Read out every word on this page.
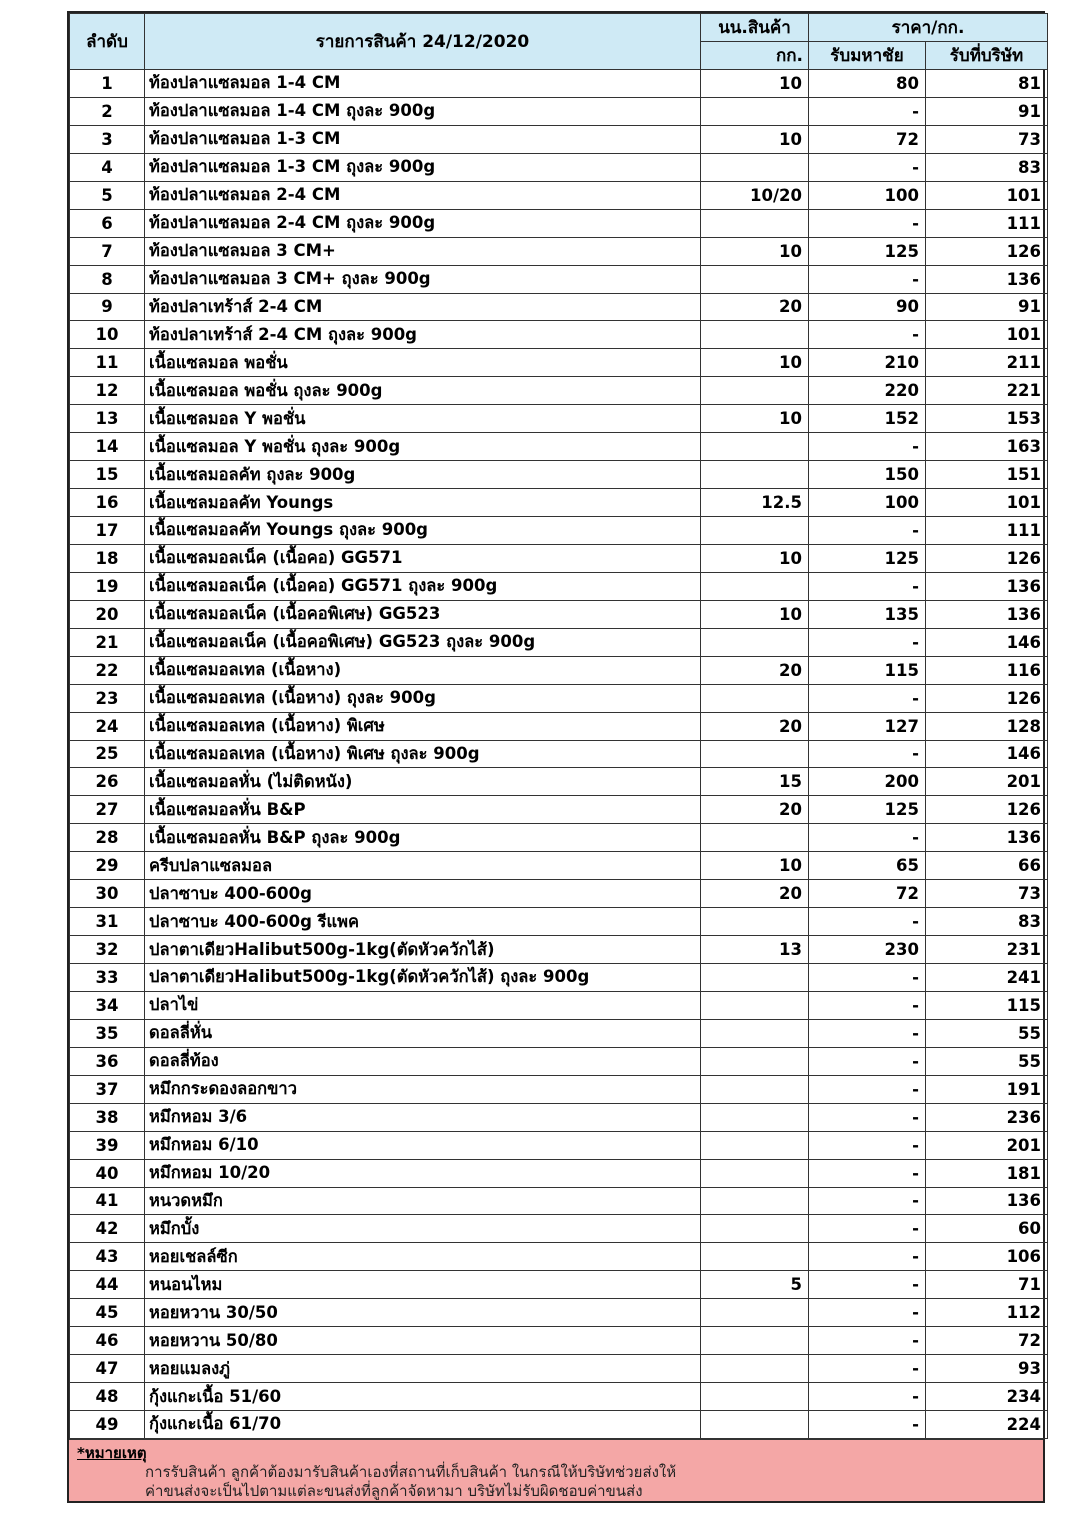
ลำดับ	รายการสินค้า 24/12/2020	นน.สินค้า	ราคา/กก.	
		กก.	รับมหาชัย	รับที่บริษัท
1	ท้องปลาแซลมอล 1-4 CM	10	80	81
2	ท้องปลาแซลมอล 1-4 CM ถุงละ 900g		-	91
3	ท้องปลาแซลมอล 1-3 CM	10	72	73
4	ท้องปลาแซลมอล 1-3 CM ถุงละ 900g		-	83
5	ท้องปลาแซลมอล 2-4 CM	10/20	100	101
6	ท้องปลาแซลมอล 2-4 CM ถุงละ 900g		-	111
7	ท้องปลาแซลมอล 3 CM+	10	125	126
8	ท้องปลาแซลมอล 3 CM+ ถุงละ 900g		-	136
9	ท้องปลาเทร้าส์ 2-4 CM	20	90	91
10	ท้องปลาเทร้าส์ 2-4 CM ถุงละ 900g		-	101
11	เนื้อแซลมอล พอชั่น	10	210	211
12	เนื้อแซลมอล พอชั่น ถุงละ 900g		220	221
13	เนื้อแซลมอล Y พอชั่น	10	152	153
14	เนื้อแซลมอล Y พอชั่น ถุงละ 900g		-	163
15	เนื้อแซลมอลคัท ถุงละ 900g		150	151
16	เนื้อแซลมอลคัท Youngs	12.5	100	101
17	เนื้อแซลมอลคัท Youngs ถุงละ 900g		-	111
18	เนื้อแซลมอลเน็ค (เนื้อคอ) GG571	10	125	126
19	เนื้อแซลมอลเน็ค (เนื้อคอ) GG571 ถุงละ 900g		-	136
20	เนื้อแซลมอลเน็ค (เนื้อคอพิเศษ) GG523	10	135	136
21	เนื้อแซลมอลเน็ค (เนื้อคอพิเศษ) GG523 ถุงละ 900g		-	146
22	เนื้อแซลมอลเทล (เนื้อหาง)	20	115	116
23	เนื้อแซลมอลเทล (เนื้อหาง) ถุงละ 900g		-	126
24	เนื้อแซลมอลเทล (เนื้อหาง) พิเศษ	20	127	128
25	เนื้อแซลมอลเทล (เนื้อหาง) พิเศษ ถุงละ 900g		-	146
26	เนื้อแซลมอลหั่น (ไม่ติดหนัง)	15	200	201
27	เนื้อแซลมอลหั่น B&P	20	125	126
28	เนื้อแซลมอลหั่น B&P ถุงละ 900g		-	136
29	ครีบปลาแซลมอล	10	65	66
30	ปลาซาบะ 400-600g	20	72	73
31	ปลาซาบะ 400-600g รีแพค		-	83
32	ปลาตาเดียวHalibut500g-1kg(ตัดหัวควักไส้)	13	230	231
33	ปลาตาเดียวHalibut500g-1kg(ตัดหัวควักไส้) ถุงละ 900g		-	241
34	ปลาไข่		-	115
35	ดอลลี่หั่น		-	55
36	ดอลลี่ท้อง		-	55
37	หมึกกระดองลอกขาว		-	191
38	หมึกหอม 3/6		-	236
39	หมึกหอม 6/10		-	201
40	หมึกหอม 10/20		-	181
41	หนวดหมึก		-	136
42	หมึกบั้ง		-	60
43	หอยเชลล์ซีก		-	106
44	หนอนไหม	5	-	71
45	หอยหวาน 30/50		-	112
46	หอยหวาน 50/80		-	72
47	หอยแมลงภู่		-	93
48	กุ้งแกะเนื้อ 51/60		-	234
49	กุ้งแกะเนื้อ 61/70		-	224
*หมายเหตุ
การรับสินค้า ลูกค้าต้องมารับสินค้าเองที่สถานที่เก็บสินค้า ในกรณีให้บริษัทช่วยส่งให้
ค่าขนส่งจะเป็นไปตามแต่ละขนส่งที่ลูกค้าจัดหามา บริษัทไม่รับผิดชอบค่าขนส่ง
